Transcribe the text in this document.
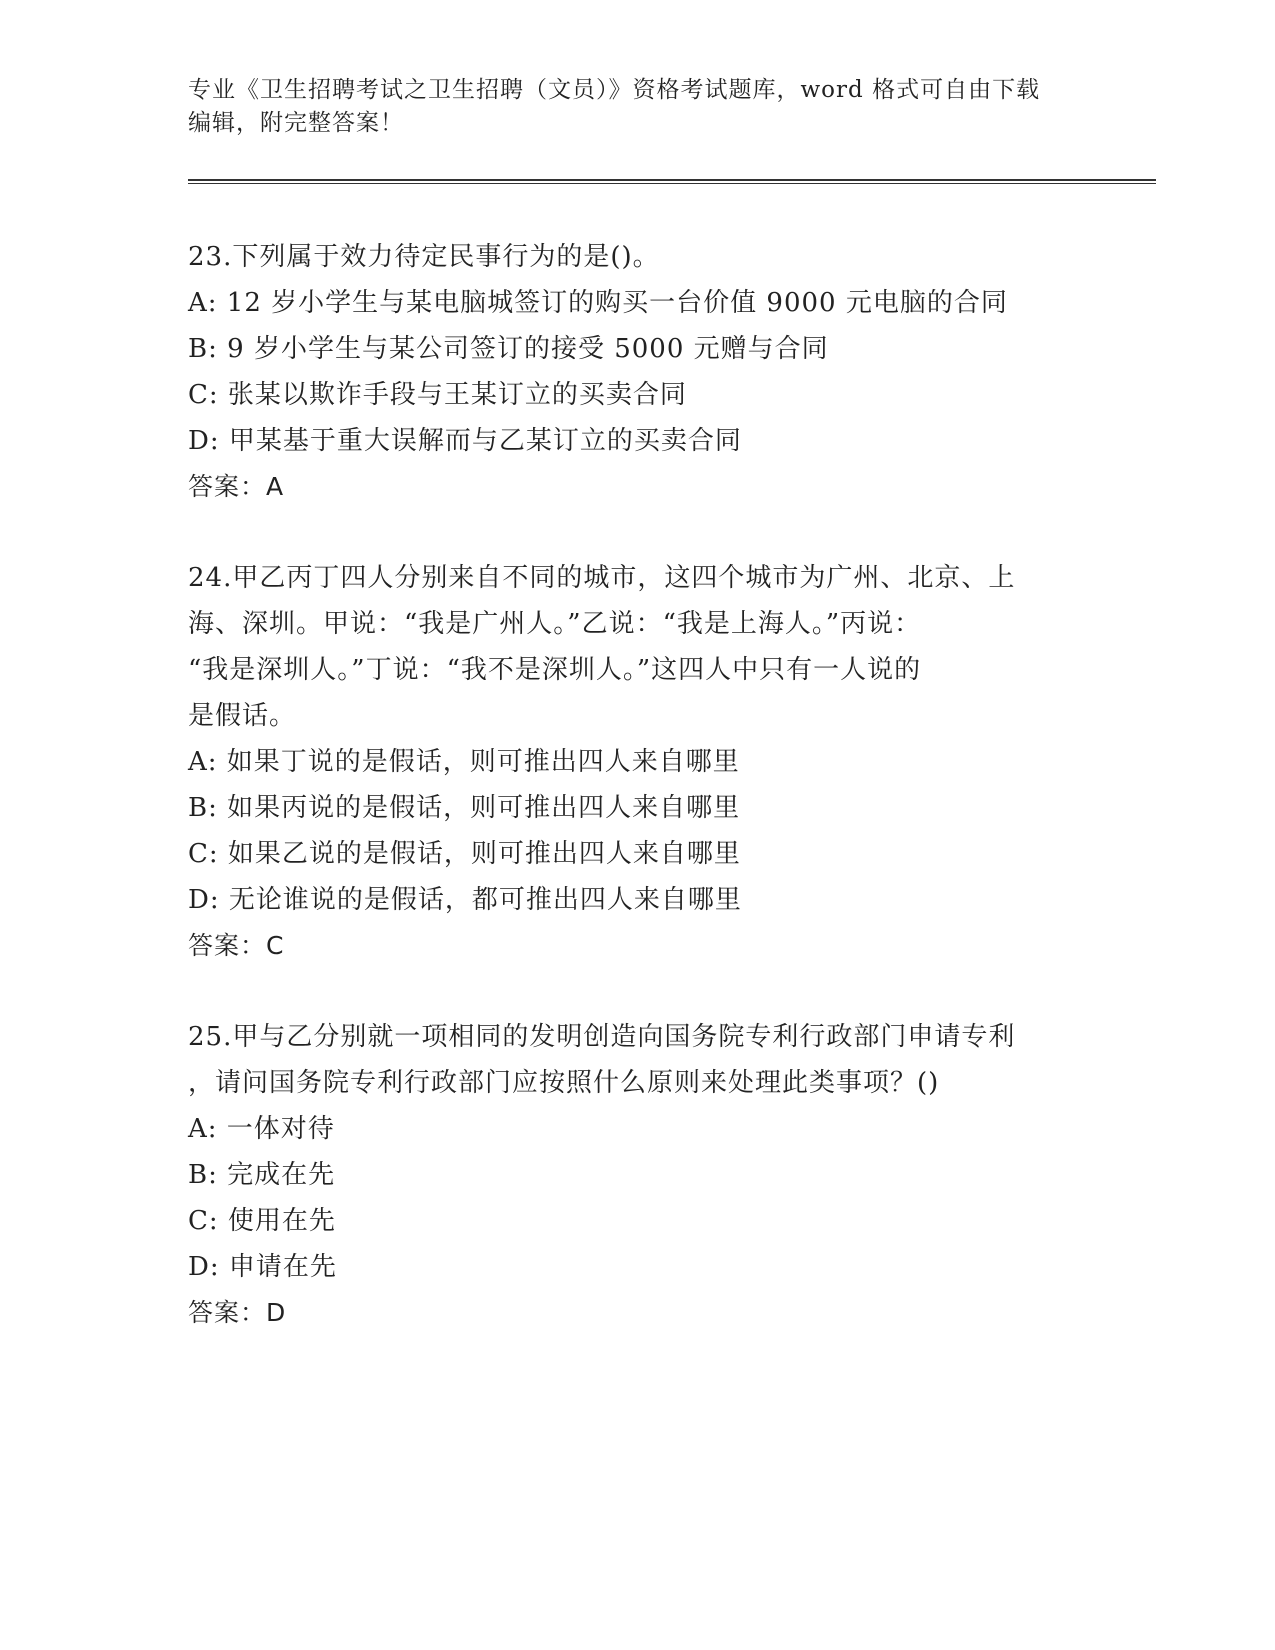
专业《卫生招聘考试之卫生招聘（文员）》资格考试题库，word 格式可自由下载
编辑，附完整答案！
23.下列属于效力待定民事行为的是()。
A: 12 岁小学生与某电脑城签订的购买一台价值 9000 元电脑的合同
B: 9 岁小学生与某公司签订的接受 5000 元赠与合同
C: 张某以欺诈手段与王某订立的买卖合同
D: 甲某基于重大误解而与乙某订立的买卖合同
答案：A
24.甲乙丙丁四人分别来自不同的城市，这四个城市为广州、北京、上
海、深圳。甲说：“我是广州人。”乙说：“我是上海人。”丙说：
“我是深圳人。”丁说：“我不是深圳人。”这四人中只有一人说的
是假话。
A: 如果丁说的是假话，则可推出四人来自哪里
B: 如果丙说的是假话，则可推出四人来自哪里
C: 如果乙说的是假话，则可推出四人来自哪里
D: 无论谁说的是假话，都可推出四人来自哪里
答案：C
25.甲与乙分别就一项相同的发明创造向国务院专利行政部门申请专利
，请问国务院专利行政部门应按照什么原则来处理此类事项？()
A: 一体对待
B: 完成在先
C: 使用在先
D: 申请在先
答案：D
